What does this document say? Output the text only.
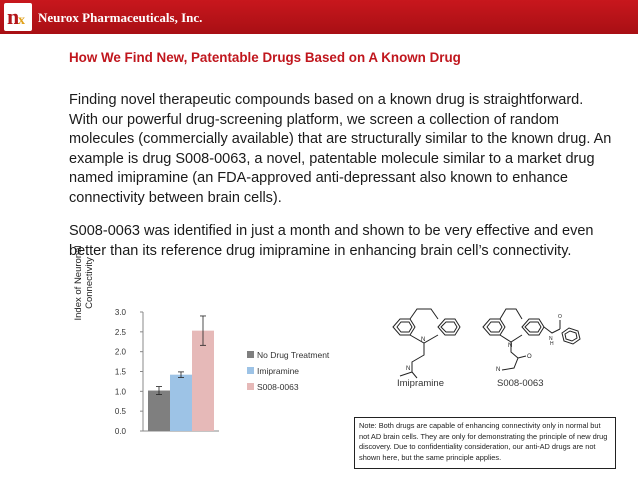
n
x Neurox Pharmaceuticals, Inc.
How We Find New, Patentable Drugs Based on A Known Drug

Finding novel therapeutic compounds based on a known drug is straightforward. With our powerful drug-screening platform, we screen a collection of random molecules (commercially available) that are structurally similar to the known drug. An example is drug S008-0063, a novel, patentable molecule similar to a market drug named imipramine (an FDA-approved anti-depressant also known to enhance connectivity between brain cells).

S008-0063 was identified in just a month and shown to be very effective and even better than its reference drug imipramine in enhancing brain cell’s connectivity.

Index of Neuronal Connectivity
0.0
0.5
1.0
1.5
2.0
2.5
3.0
No Drug Treatment
Imipramine
S008-0063
N
N
N
N
O
N
H
O
Imipramine	S008-0063
Note: Both drugs are capable of enhancing connectivity only in normal but not AD brain cells. They are only for demonstrating the principle of new drug discovery. Due to confidentiality consideration, our anti-AD drugs are not shown here, but the same principle applies.
